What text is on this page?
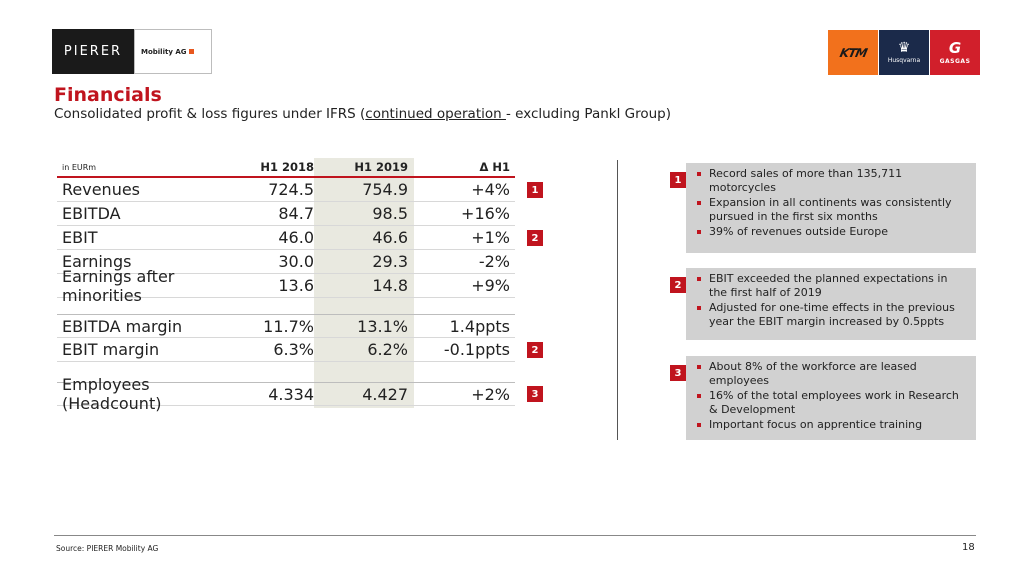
PIERER	Mobility AG	KTM ♛
Husqvarna
G
GASGAS
Financials
Consolidated profit & loss figures under IFRS (continued operation - excluding Pankl Group)
in EURm	H1 2018	H1 2019	Δ H1
Revenues	724.5	754.9	+4%
EBITDA	84.7	98.5	+16%
EBIT	46.0	46.6	+1%
Earnings	30.0	29.3	-2%
Earnings after minorities	13.6	14.8	+9%
EBITDA margin	11.7%	13.1%	1.4ppts
EBIT margin	6.3%	6.2%	-0.1ppts
Employees (Headcount)	4.334	4.427	+2%
1
2
2
3
1	Record sales of more than 135,711 motorcycles
Expansion in all continents was consistently pursued in the first six months
39% of revenues outside Europe
2	EBIT exceeded the planned expectations in the first half of 2019
Adjusted for one-time effects in the previous year the EBIT margin increased by 0.5ppts
3	About 8% of the workforce are leased employees
16% of the total employees work in Research & Development
Important focus on apprentice training
Source: PIERER Mobility AG	18
